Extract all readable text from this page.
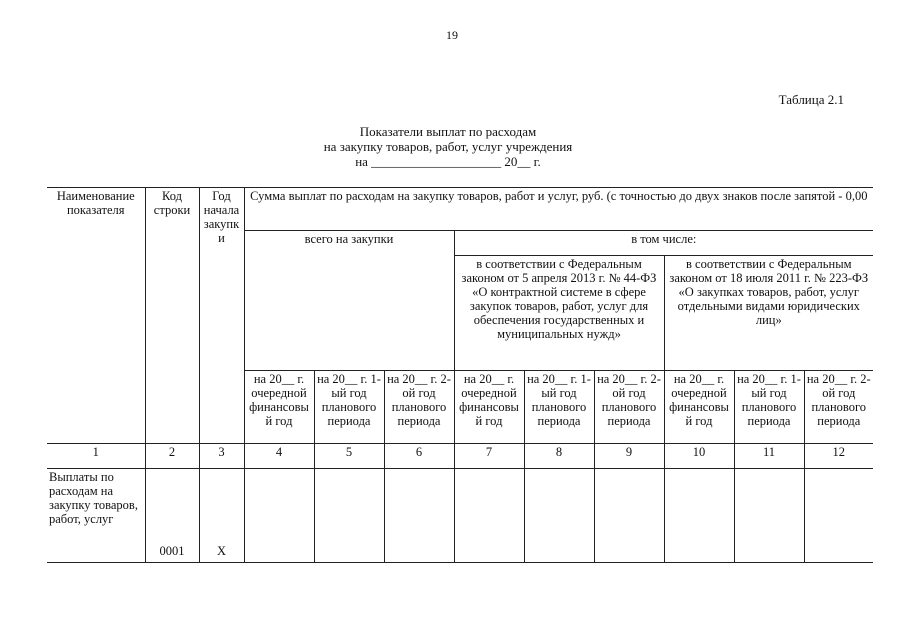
19
Таблица 2.1
Показатели выплат по расходам
на закупку товаров, работ, услуг учреждения
на ____________________ 20__ г.
Наименование показателя	Код строки	Год начала закупки	Сумма выплат по расходам на закупку товаров, работ и услуг, руб. (с точностью до двух знаков после запятой - 0,00								
			всего на закупки			в том числе:					
						в соответствии с Федеральным законом от 5 апреля 2013 г. № 44-ФЗ «О контрактной системе в сфере закупок товаров, работ, услуг для обеспечения государственных и муниципальных нужд»			в соответствии с Федеральным законом от 18 июля 2011 г. № 223-ФЗ «О закупках товаров, работ, услуг отдельными видами юридических лиц»		
			на 20__ г. очередной финансовый год	на 20__ г. 1-ый год планового периода	на 20__ г. 2-ой год планового периода	на 20__ г. очередной финансовый год	на 20__ г. 1-ый год планового периода	на 20__ г. 2-ой год планового периода	на 20__ г. очередной финансовый год	на 20__ г. 1-ый год планового периода	на 20__ г. 2-ой год планового периода
1	2	3	4	5	6	7	8	9	10	11	12
Выплаты по расходам на закупку товаров, работ, услуг	0001	X									
